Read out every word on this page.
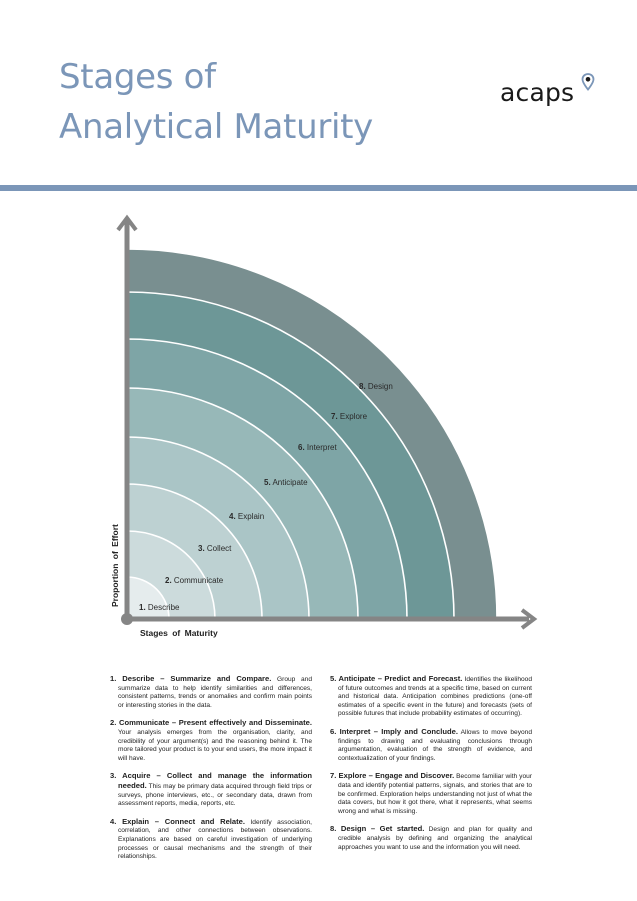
Stages of
Analytical Maturity
acaps
1. Describe
2. Communicate
3. Collect
4. Explain
5. Anticipate
6. Interpret
7. Explore
8. Design
Stages of Maturity
Proportion of Effort

1. Describe – Summarize and Compare. Group and summarize data to help identify similarities and differences, consistent patterns, trends or anomalies and confirm main points or interesting stories in the data.

2. Communicate – Present effectively and Disseminate. Your analysis emerges from the organisation, clarity, and credibility of your argument(s) and the reasoning behind it. The more tailored your product is to your end users, the more impact it will have.

3. Acquire – Collect and manage the information needed. This may be primary data acquired through field trips or surveys, phone interviews, etc., or secondary data, drawn from assessment reports, media, reports, etc.

4. Explain – Connect and Relate. Identify association, correlation, and other connections between observations. Explanations are based on careful investigation of underlying processes or causal mechanisms and the strength of their relationships.

5. Anticipate – Predict and Forecast. Identifies the likelihood of future outcomes and trends at a specific time, based on current and historical data. Anticipation combines predictions (one-off estimates of a specific event in the future) and forecasts (sets of possible futures that include probability estimates of occurring).

6. Interpret – Imply and Conclude. Allows to move beyond findings to drawing and evaluating conclusions through argumentation, evaluation of the strength of evidence, and contextualization of your findings.

7. Explore – Engage and Discover. Become familiar with your data and identify potential patterns, signals, and stories that are to be confirmed. Exploration helps understanding not just of what the data covers, but how it got there, what it represents, what seems wrong and what is missing.

8. Design – Get started. Design and plan for quality and credible analysis by defining and organizing the analytical approaches you want to use and the information you will need.
